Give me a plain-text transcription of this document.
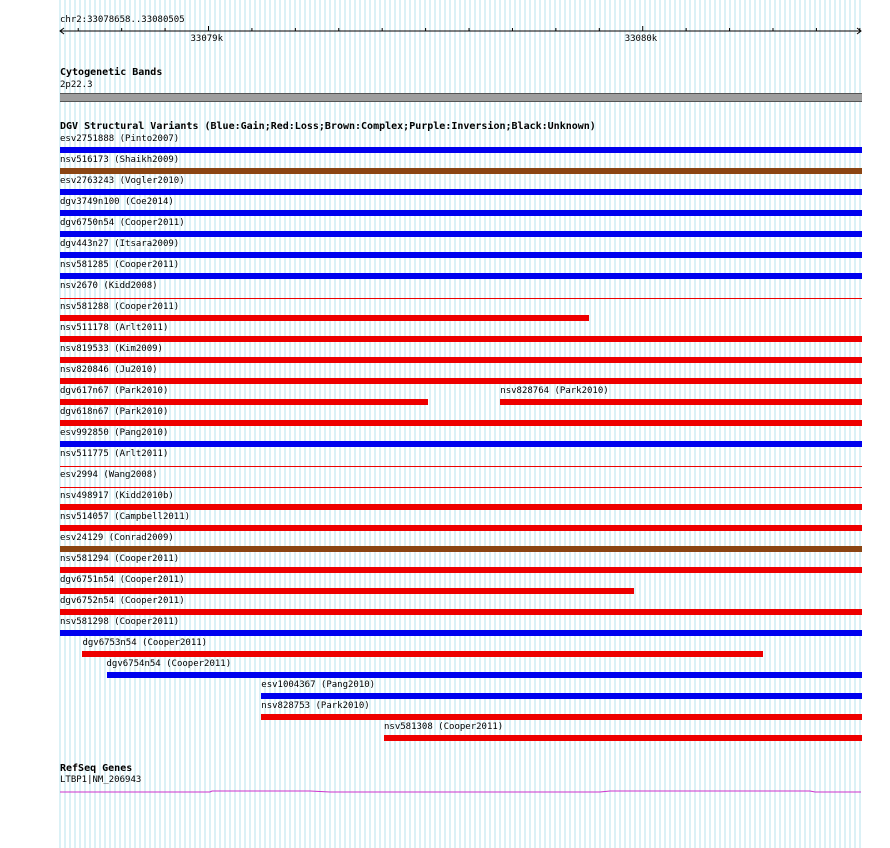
chr2:33078658..33080505
33079k	33080k
Cytogenetic Bands
2p22.3
DGV Structural Variants (Blue:Gain;Red:Loss;Brown:Complex;Purple:Inversion;Black:Unknown)
esv2751888 (Pinto2007)
nsv516173 (Shaikh2009)
esv2763243 (Vogler2010)
dgv3749n100 (Coe2014)
dgv6750n54 (Cooper2011)
dgv443n27 (Itsara2009)
nsv581285 (Cooper2011)
nsv2670 (Kidd2008)
nsv581288 (Cooper2011)
nsv511178 (Arlt2011)
nsv819533 (Kim2009)
nsv820846 (Ju2010)
dgv617n67 (Park2010)	nsv828764 (Park2010)
dgv618n67 (Park2010)
esv992850 (Pang2010)
nsv511775 (Arlt2011)
esv2994 (Wang2008)
nsv498917 (Kidd2010b)
nsv514057 (Campbell2011)
esv24129 (Conrad2009)
nsv581294 (Cooper2011)
dgv6751n54 (Cooper2011)
dgv6752n54 (Cooper2011)
nsv581298 (Cooper2011)
dgv6753n54 (Cooper2011)
dgv6754n54 (Cooper2011)
esv1004367 (Pang2010)
nsv828753 (Park2010)
nsv581308 (Cooper2011)
RefSeq Genes
LTBP1|NM_206943
